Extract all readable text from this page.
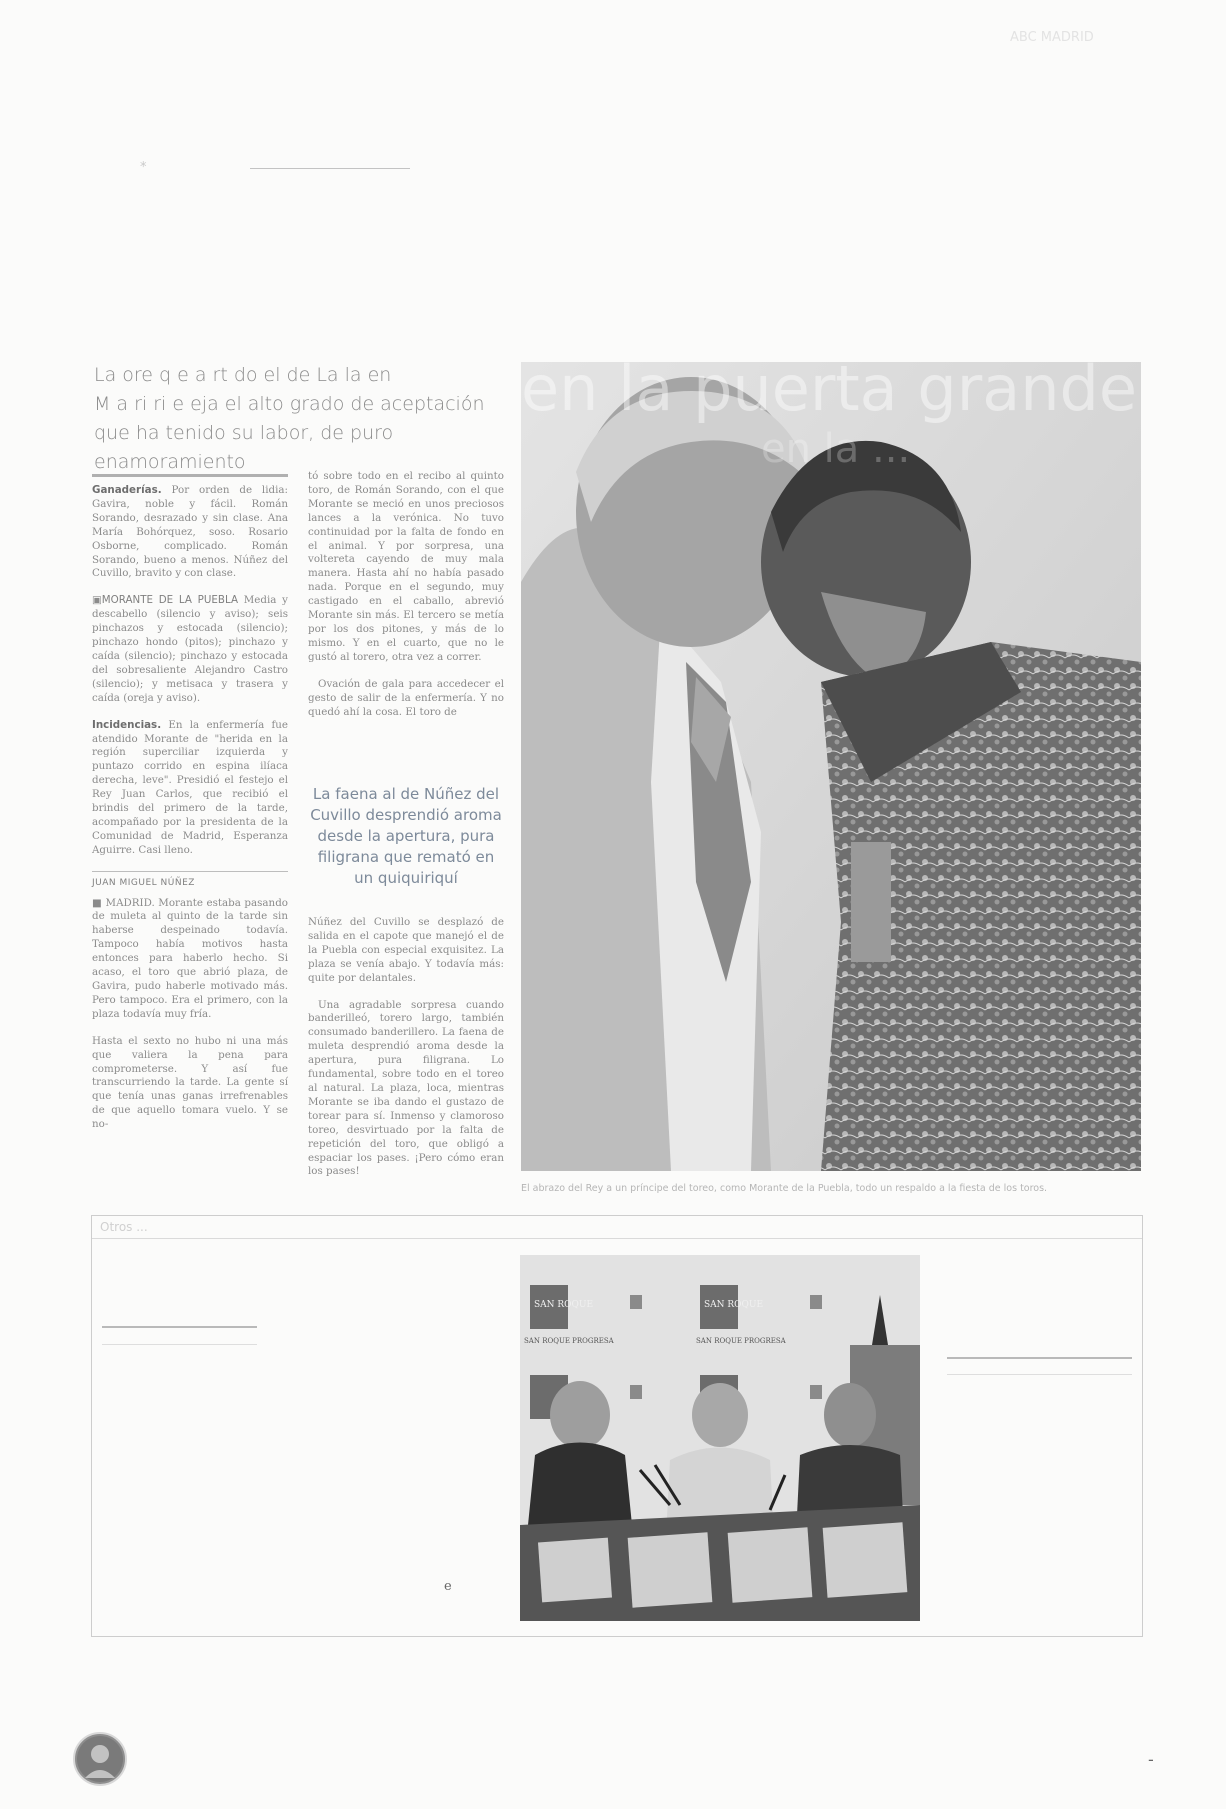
ABC MADRID
*
La ore q e a rt do el de La la en
M a ri ri e eja el alto grado de aceptación
que ha tenido su labor, de puro enamoramiento

Ganaderías. Por orden de lidia: Gavira, noble y fácil. Román Sorando, desrazado y sin clase. Ana María Bohórquez, soso. Rosario Osborne, complicado. Román Sorando, bueno a menos. Núñez del Cuvillo, bravito y con clase.

▣MORANTE DE LA PUEBLA Media y descabello (silencio y aviso); seis pinchazos y estocada (silencio); pinchazo hondo (pitos); pinchazo y caída (silencio); pinchazo y estocada del sobresaliente Alejandro Castro (silencio); y metisaca y trasera y caída (oreja y aviso).

Incidencias. En la enfermería fue atendido Morante de "herida en la región superciliar izquierda y puntazo corrido en espina ilíaca derecha, leve". Presidió el festejo el Rey Juan Carlos, que recibió el brindis del primero de la tarde, acompañado por la presidenta de la Comunidad de Madrid, Esperanza Aguirre. Casi lleno.

JUAN MIGUEL NÚÑEZ

■ MADRID. Morante estaba pasando de muleta al quinto de la tarde sin haberse despeinado todavía. Tampoco había motivos hasta entonces para haberlo hecho. Si acaso, el toro que abrió plaza, de Gavira, pudo haberle motivado más. Pero tampoco. Era el primero, con la plaza todavía muy fría.

Hasta el sexto no hubo ni una más que valiera la pena para comprometerse. Y así fue transcurriendo la tarde. La gente sí que tenía unas ganas irrefrenables de que aquello tomara vuelo. Y se no-

tó sobre todo en el recibo al quinto toro, de Román Sorando, con el que Morante se meció en unos preciosos lances a la verónica. No tuvo continuidad por la falta de fondo en el animal. Y por sorpresa, una voltereta cayendo de muy mala manera. Hasta ahí no había pasado nada. Porque en el segundo, muy castigado en el caballo, abrevió Morante sin más. El tercero se metía por los dos pitones, y más de lo mismo. Y en el cuarto, que no le gustó al torero, otra vez a correr.

Ovación de gala para accedecer el gesto de salir de la enfermería. Y no quedó ahí la cosa. El toro de

La faena al de Núñez del Cuvillo desprendió aroma desde la apertura, pura filigrana que remató en un quiquiriquí

Núñez del Cuvillo se desplazó de salida en el capote que manejó el de la Puebla con especial exquisitez. La plaza se venía abajo. Y todavía más: quite por delantales.

Una agradable sorpresa cuando banderilleó, torero largo, también consumado banderillero. La faena de muleta desprendió aroma desde la apertura, pura filigrana. Lo fundamental, sobre todo en el toreo al natural. La plaza, loca, mientras Morante se iba dando el gustazo de torear para sí. Inmenso y clamoroso toreo, desvirtuado por la falta de repetición del toro, que obligó a espaciar los pases. ¡Pero cómo eran los pases!

en la puerta grande
en la ...
El abrazo del Rey a un príncipe del toreo, como Morante de la Puebla, todo un respaldo a la fiesta de los toros.
Otros ...
e
SAN ROQUE	SAN ROQUE
SAN ROQUE PROGRESA	SAN ROQUE PROGRESA
-
